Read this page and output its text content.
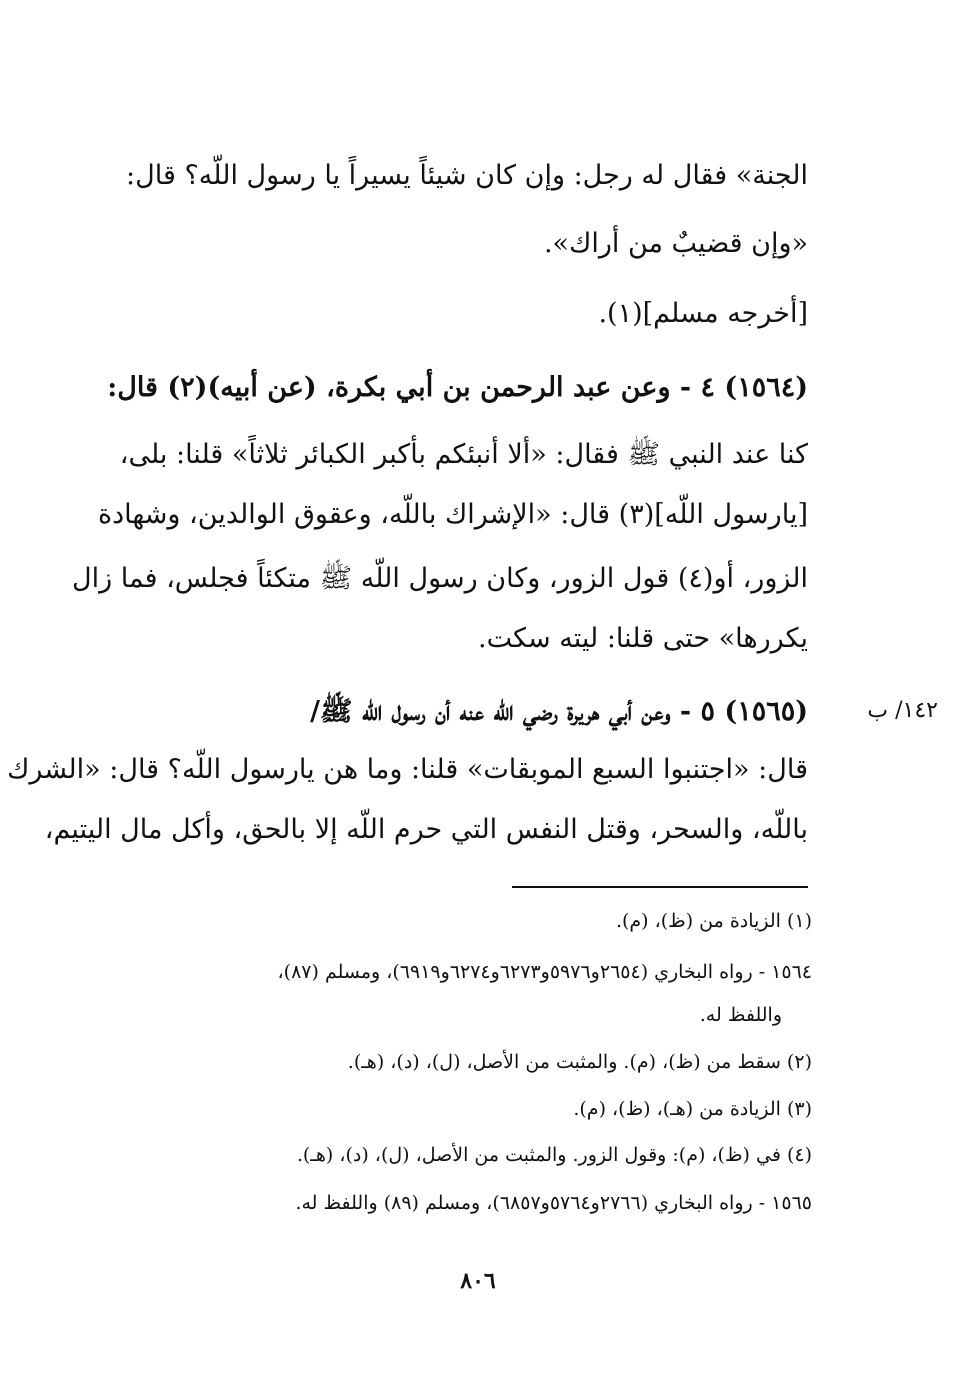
الجنة» فقال له رجل: وإن كان شيئاً يسيراً يا رسول اللّه؟ قال:
«وإن قضيبٌ من أراك».
[أخرجه مسلم](١).
(١٥٦٤) ٤ - وعن عبد الرحمن بن أبي بكرة، (عن أبيه)(٢) قال:
كنا عند النبي ﷺ فقال: «ألا أنبئكم بأكبر الكبائر ثلاثاً» قلنا: بلى،
[يارسول اللّه](٣) قال: «الإشراك باللّه، وعقوق الوالدين، وشهادة
الزور، أو(٤) قول الزور، وكان رسول اللّه ﷺ متكئاً فجلس، فما زال
يكررها» حتى قلنا: ليته سكت.
(١٥٦٥) ٥ - وعن أبي هريرة رضي اللّه عنه أن رسول اللّه ﷺ/
قال: «اجتنبوا السبع الموبقات» قلنا: وما هن يارسول اللّه؟ قال: «الشرك
باللّه، والسحر، وقتل النفس التي حرم اللّه إلا بالحق، وأكل مال اليتيم،
١٤٢/ ب
(١) الزيادة من (ظ)، (م).
١٥٦٤ - رواه البخاري (٢٦٥٤و٥٩٧٦و٦٢٧٣و٦٢٧٤و٦٩١٩)، ومسلم (٨٧)،
واللفظ له.
(٢) سقط من (ظ)، (م). والمثبت من الأصل، (ل)، (د)، (هـ).
(٣) الزيادة من (هـ)، (ظ)، (م).
(٤) في (ظ)، (م): وقول الزور. والمثبت من الأصل، (ل)، (د)، (هـ).
١٥٦٥ - رواه البخاري (٢٧٦٦و٥٧٦٤و٦٨٥٧)، ومسلم (٨٩) واللفظ له.
٨٠٦
